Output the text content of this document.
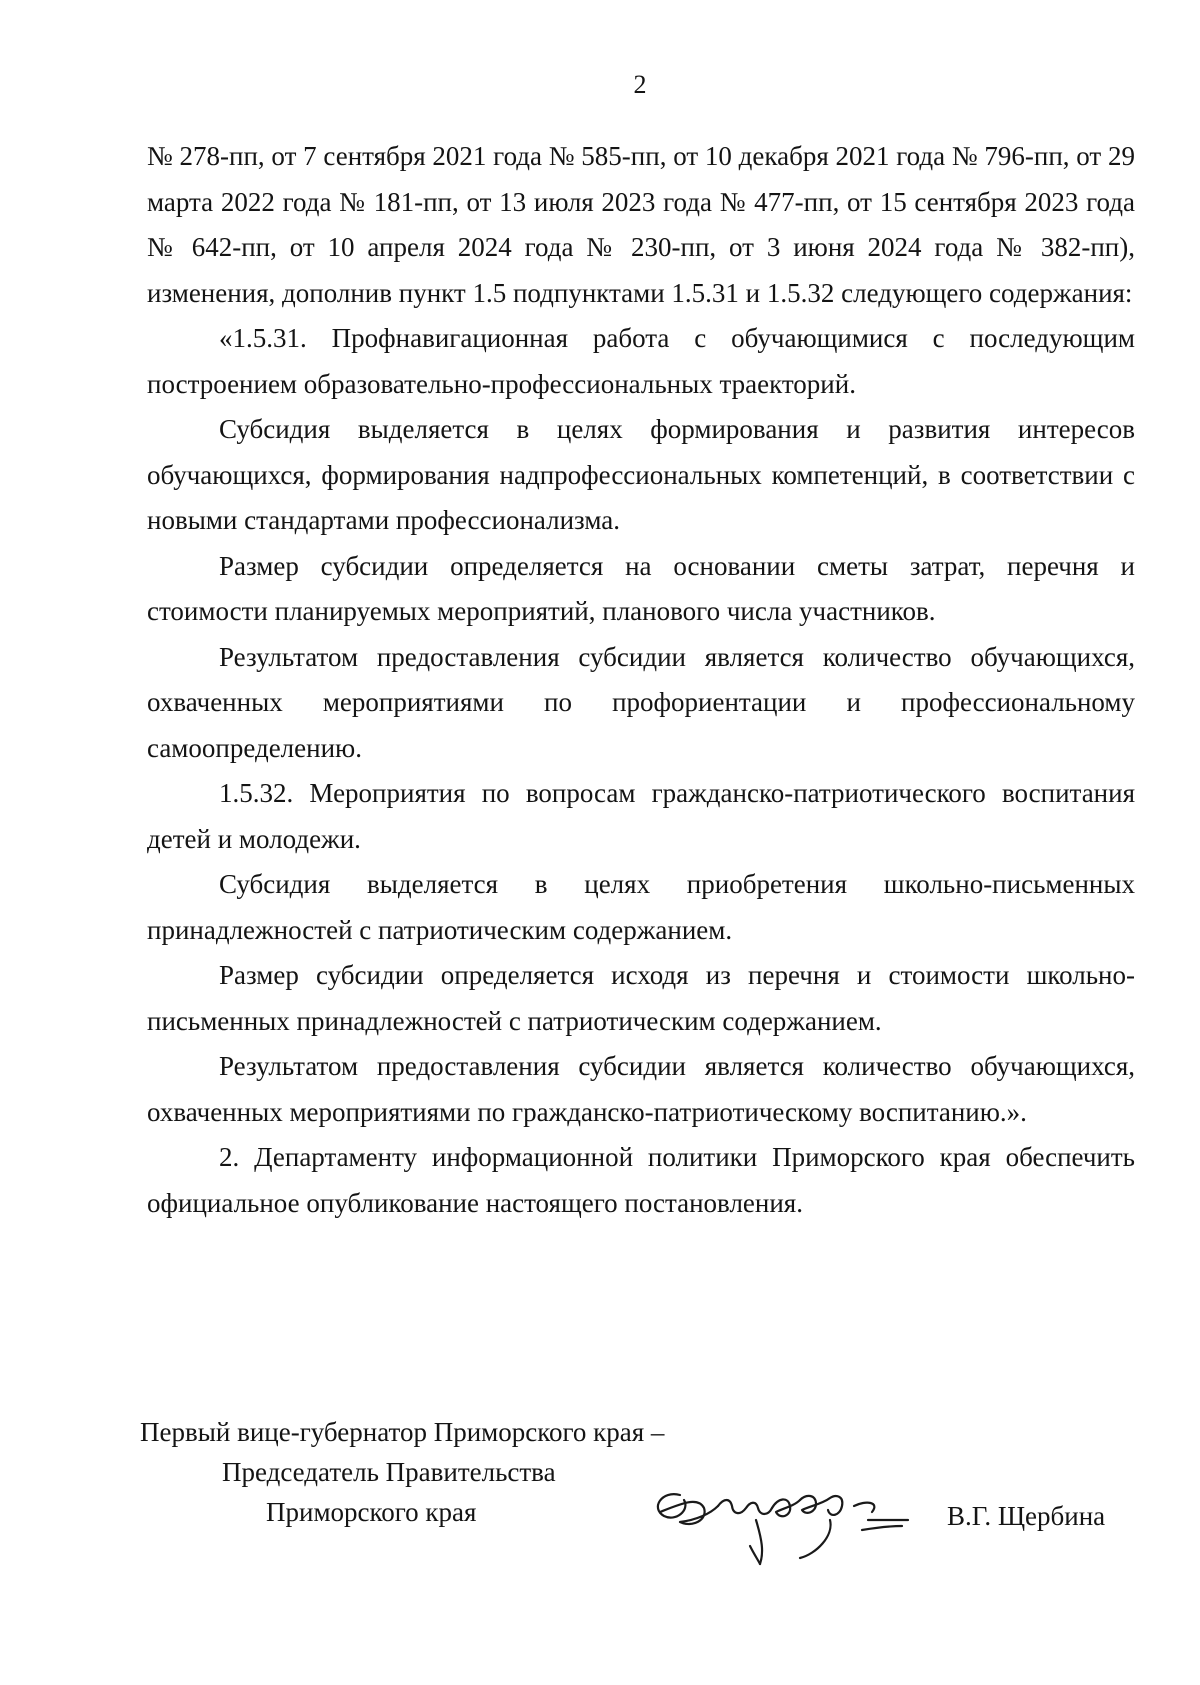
2

№ 278-пп, от 7 сентября 2021 года № 585-пп, от 10 декабря 2021 года № 796-пп, от 29 марта 2022 года № 181-пп, от 13 июля 2023 года № 477-пп, от 15 сентября 2023 года № 642-пп, от 10 апреля 2024 года № 230-пп, от 3 июня 2024 года № 382-пп), изменения, дополнив пункт 1.5 подпунктами 1.5.31 и 1.5.32 следующего содержания:

«1.5.31. Профнавигационная работа с обучающимися с последующим построением образовательно-профессиональных траекторий.

Субсидия выделяется в целях формирования и развития интересов обучающихся, формирования надпрофессиональных компетенций, в соответствии с новыми стандартами профессионализма.

Размер субсидии определяется на основании сметы затрат, перечня и стоимости планируемых мероприятий, планового числа участников.

Результатом предоставления субсидии является количество обучающихся, охваченных мероприятиями по профориентации и профессиональному самоопределению.

1.5.32. Мероприятия по вопросам гражданско-патриотического воспитания детей и молодежи.

Субсидия выделяется в целях приобретения школьно-письменных принадлежностей с патриотическим содержанием.

Размер субсидии определяется исходя из перечня и стоимости школьно-письменных принадлежностей с патриотическим содержанием.

Результатом предоставления субсидии является количество обучающихся, охваченных мероприятиями по гражданско-патриотическому воспитанию.».

2. Департаменту информационной политики Приморского края обеспечить официальное опубликование настоящего постановления.

Первый вице-губернатор Приморского края –
Председатель Правительства
Приморского края	В.Г. Щербина
